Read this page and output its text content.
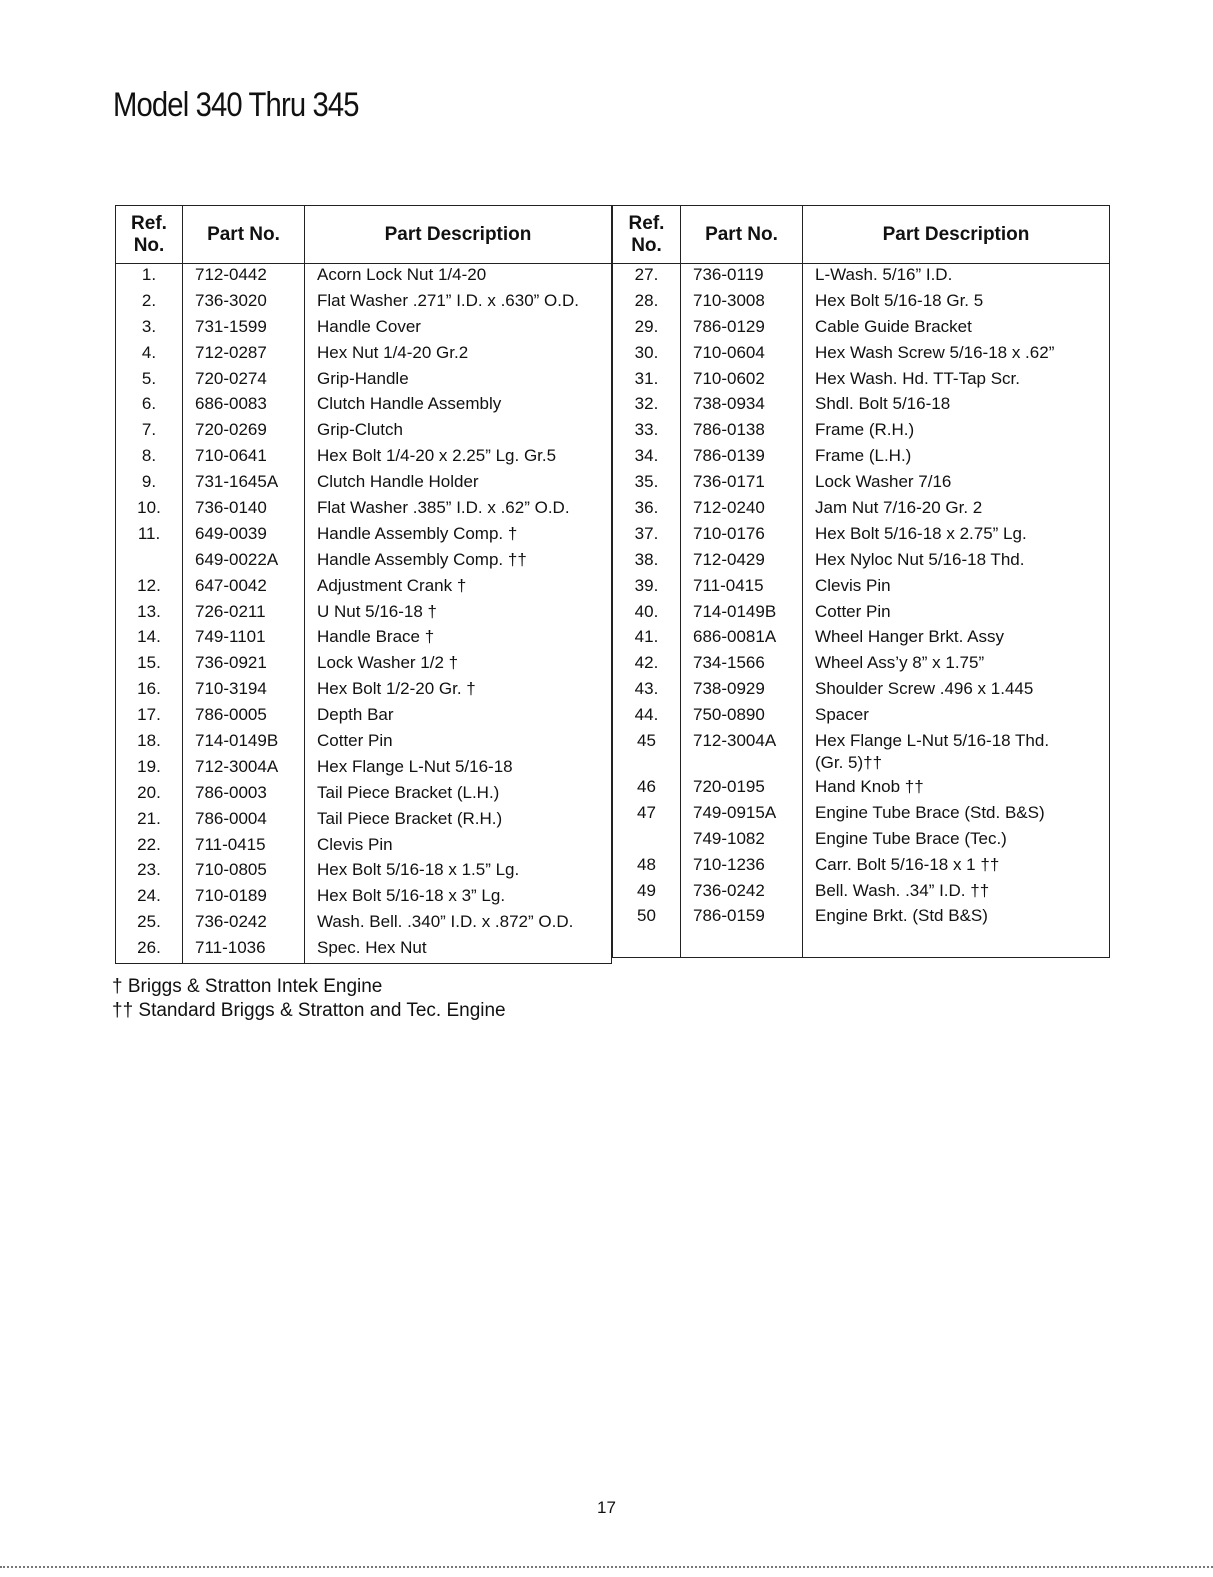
Model 340 Thru 345
Ref.
No.	Part No.	Part Description
1.	712-0442	Acorn Lock Nut 1/4-20
2.	736-3020	Flat Washer .271” I.D. x .630” O.D.
3.	731-1599	Handle Cover
4.	712-0287	Hex Nut 1/4-20 Gr.2
5.	720-0274	Grip-Handle
6.	686-0083	Clutch Handle Assembly
7.	720-0269	Grip-Clutch
8.	710-0641	Hex Bolt 1/4-20 x 2.25” Lg. Gr.5
9.	731-1645A	Clutch Handle Holder
10.	736-0140	Flat Washer .385” I.D. x .62” O.D.
11.	649-0039	Handle Assembly Comp. †
	649-0022A	Handle Assembly Comp. ††
12.	647-0042	Adjustment Crank †
13.	726-0211	U Nut 5/16-18 †
14.	749-1101	Handle Brace †
15.	736-0921	Lock Washer 1/2 †
16.	710-3194	Hex Bolt 1/2-20 Gr. †
17.	786-0005	Depth Bar
18.	714-0149B	Cotter Pin
19.	712-3004A	Hex Flange L-Nut 5/16-18
20.	786-0003	Tail Piece Bracket (L.H.)
21.	786-0004	Tail Piece Bracket (R.H.)
22.	711-0415	Clevis Pin
23.	710-0805	Hex Bolt 5/16-18 x 1.5” Lg.
24.	710-0189	Hex Bolt 5/16-18 x 3” Lg.
25.	736-0242	Wash. Bell. .340” I.D. x .872” O.D.
26.	711-1036	Spec. Hex Nut
Ref.
No.	Part No.	Part Description
27.	736-0119	L-Wash. 5/16” I.D.
28.	710-3008	Hex Bolt 5/16-18 Gr. 5
29.	786-0129	Cable Guide Bracket
30.	710-0604	Hex Wash Screw 5/16-18 x .62”
31.	710-0602	Hex Wash. Hd. TT-Tap Scr.
32.	738-0934	Shdl. Bolt 5/16-18
33.	786-0138	Frame (R.H.)
34.	786-0139	Frame (L.H.)
35.	736-0171	Lock Washer 7/16
36.	712-0240	Jam Nut 7/16-20 Gr. 2
37.	710-0176	Hex Bolt 5/16-18 x 2.75” Lg.
38.	712-0429	Hex Nyloc Nut 5/16-18 Thd.
39.	711-0415	Clevis Pin
40.	714-0149B	Cotter Pin
41.	686-0081A	Wheel Hanger Brkt. Assy
42.	734-1566	Wheel Ass’y 8” x 1.75”
43.	738-0929	Shoulder Screw .496 x 1.445
44.	750-0890	Spacer
45	712-3004A	Hex Flange L-Nut 5/16-18 Thd.
(Gr. 5)††

46	720-0195	Hand Knob ††
47	749-0915A	Engine Tube Brace (Std. B&S)
	749-1082	Engine Tube Brace (Tec.)
48	710-1236	Carr. Bolt 5/16-18 x 1 ††
49	736-0242	Bell. Wash. .34” I.D. ††
50	786-0159	Engine Brkt. (Std B&S)

† Briggs & Stratton Intek Engine
†† Standard Briggs & Stratton and Tec. Engine
17
